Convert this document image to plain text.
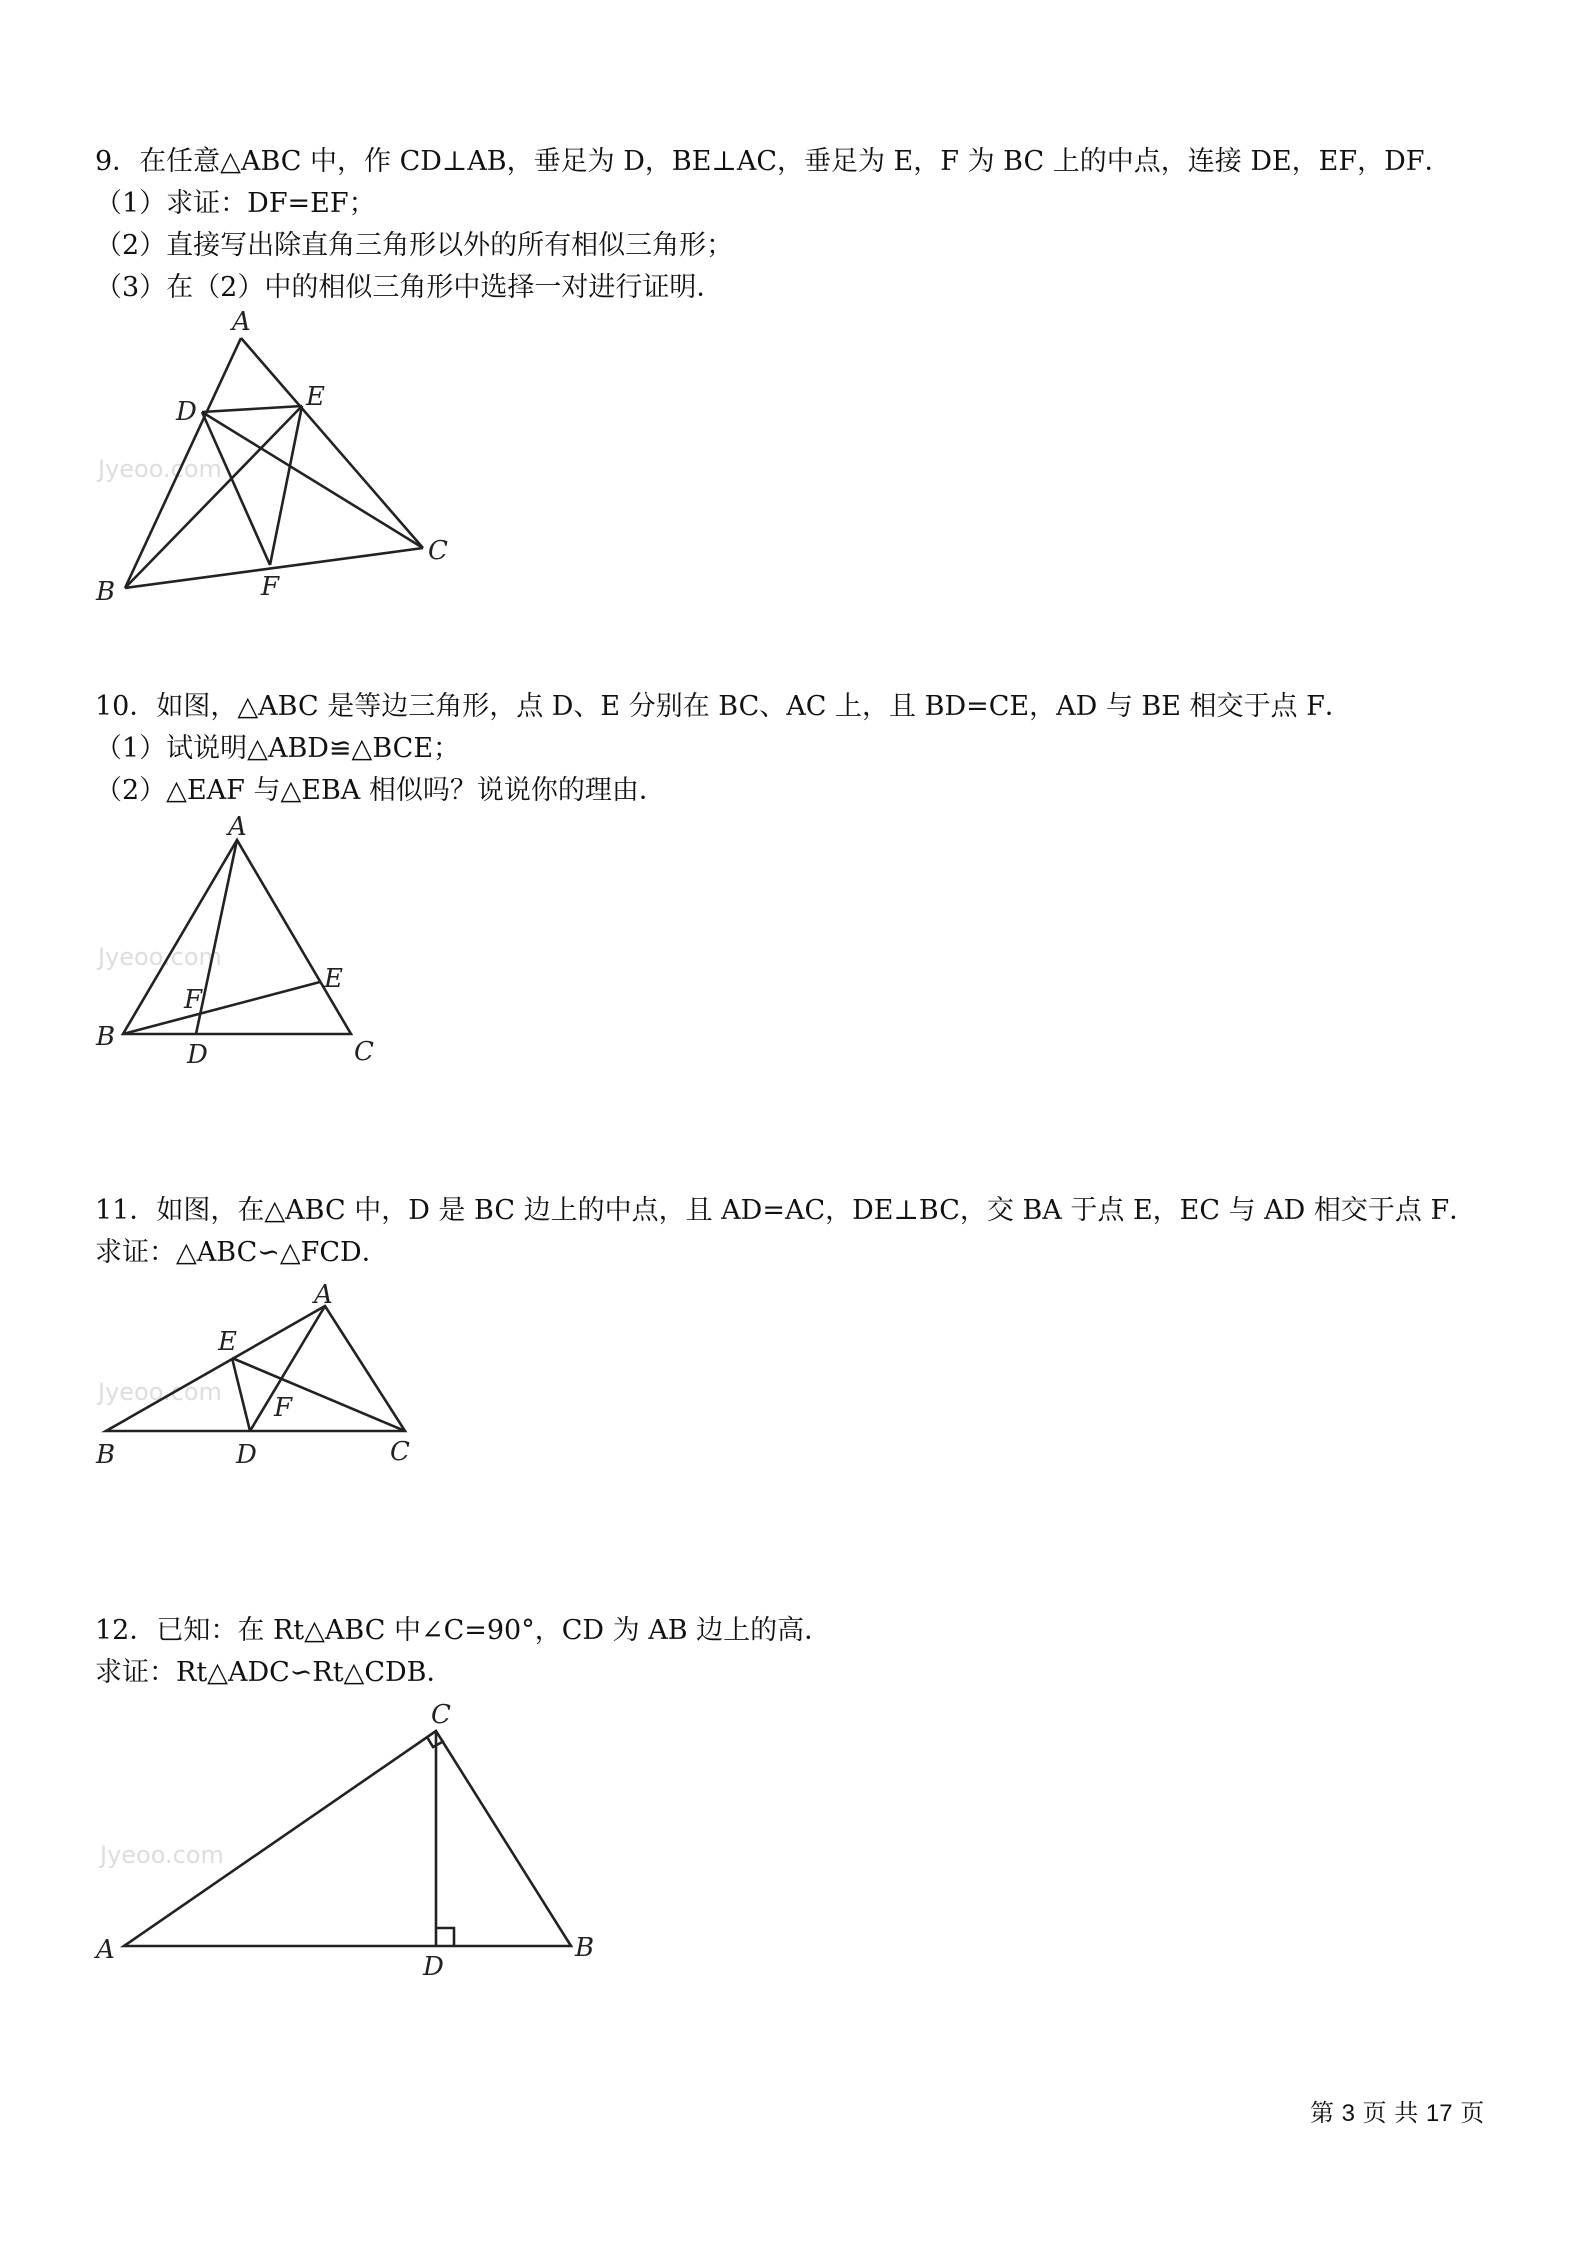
9．在任意△ABC 中，作 CD⊥AB，垂足为 D，BE⊥AC，垂足为 E，F 为 BC 上的中点，连接 DE，EF，DF．

（1）求证：DF=EF；

（2）直接写出除直角三角形以外的所有相似三角形；

（3）在（2）中的相似三角形中选择一对进行证明．

Jyeoo.com
A
D	E
C
B	F

10．如图，△ABC 是等边三角形，点 D、E 分别在 BC、AC 上，且 BD=CE，AD 与 BE 相交于点 F．

（1）试说明△ABD≌△BCE；

（2）△EAF 与△EBA 相似吗？说说你的理由．

Jyeoo.com
A
E
F
B
D	C

11．如图，在△ABC 中，D 是 BC 边上的中点，且 AD=AC，DE⊥BC，交 BA 于点 E，EC 与 AD 相交于点 F．

求证：△ABC∽△FCD．

Jyeoo.com
A
E
F
B	D	C

12．已知：在 Rt△ABC 中∠C=90°，CD 为 AB 边上的高．

求证：Rt△ADC∽Rt△CDB．

Jyeoo.com
C
A
D
B
第 3 页 共 17 页
